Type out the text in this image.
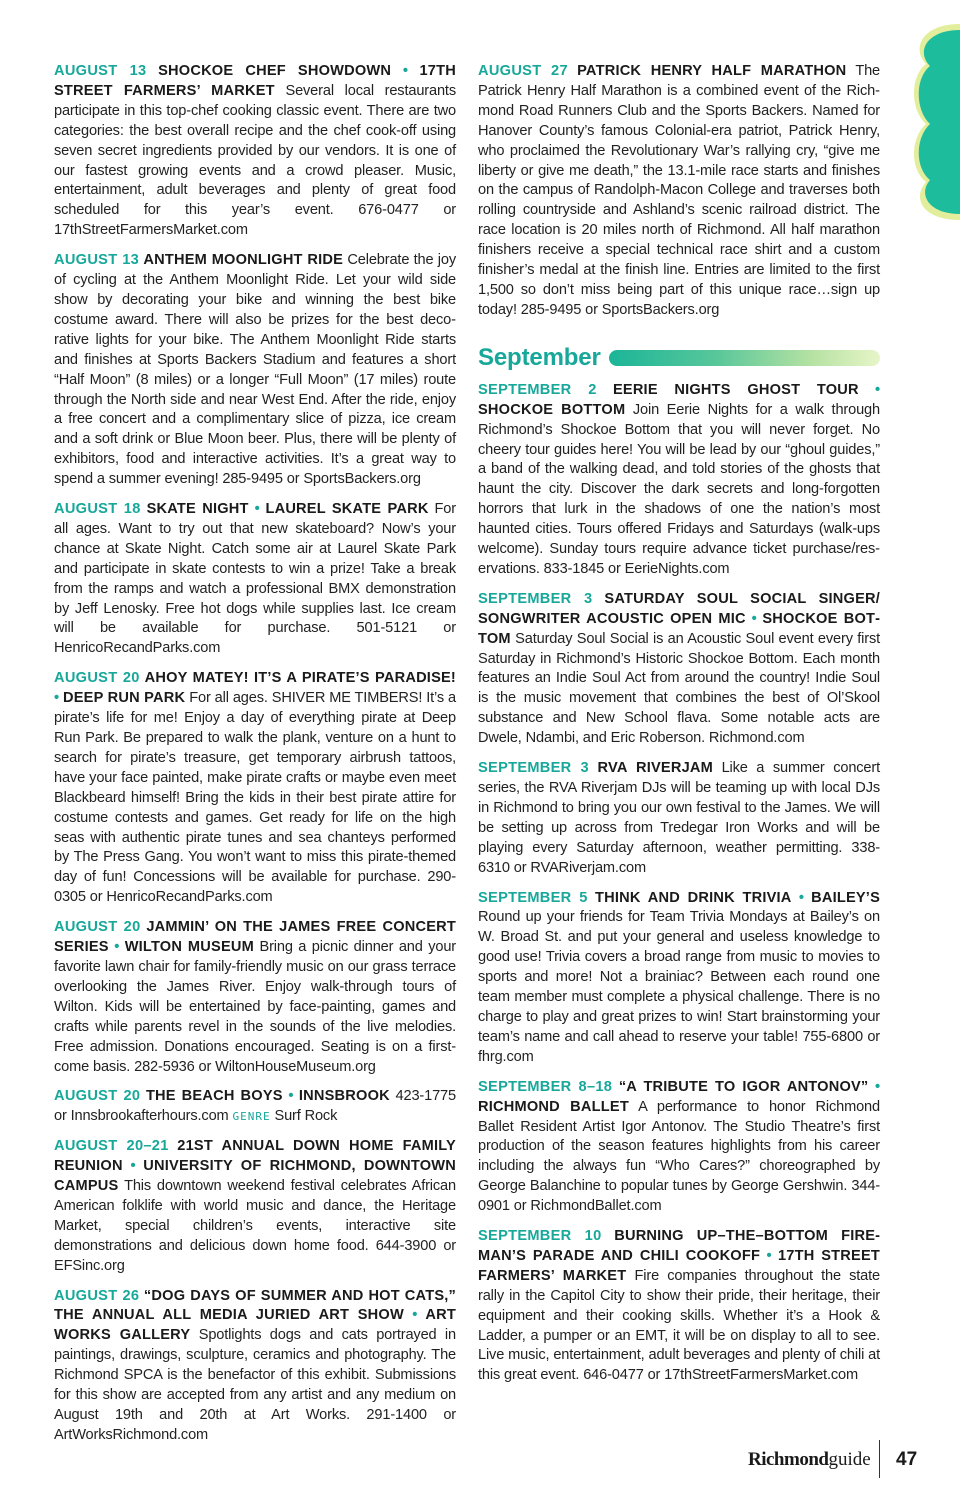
AUGUST 13 SHOCKOE CHEF SHOWDOWN • 17TH STREET FARMERS’ MARKET Several local restaurants participate in this top-chef cooking classic event. There are two categories: the best overall recipe and the chef cook-off using seven secret ingredients provided by our vendors. It is one of our fastest growing events and a crowd pleaser. Music, entertainment, adult beverages and plenty of great food scheduled for this year’s event. 676-0477 or 17thStreetFarmersMarket.com

AUGUST 13 ANTHEM MOONLIGHT RIDE Celebrate the joy of cycling at the Anthem Moonlight Ride. Let your wild side show by decorating your bike and winning the best bike costume award. There will also be prizes for the best decorative lights for your bike. The Anthem Moonlight Ride starts and finishes at Sports Backers Stadium and features a short “Half Moon” (8 miles) or a longer “Full Moon” (17 miles) route through the North side and near West End. After the ride, enjoy a free concert and a complimentary slice of pizza, ice cream and a soft drink or Blue Moon beer. Plus, there will be plenty of exhibitors, food and interactive activities. It’s a great way to spend a summer evening! 285-9495 or SportsBackers.org

AUGUST 18 SKATE NIGHT • LAUREL SKATE PARK For all ages. Want to try out that new skateboard? Now’s your chance at Skate Night. Catch some air at Laurel Skate Park and participate in skate contests to win a prize! Take a break from the ramps and watch a professional BMX demonstration by Jeff Lenosky. Free hot dogs while supplies last. Ice cream will be available for purchase. 501-5121 or HenricoRecandParks.com

AUGUST 20 AHOY MATEY! IT’S A PIRATE’S PARADISE! • DEEP RUN PARK For all ages. SHIVER ME TIMBERS! It’s a pirate’s life for me! Enjoy a day of everything pirate at Deep Run Park. Be prepared to walk the plank, venture on a hunt to search for pirate’s treasure, get temporary airbrush tattoos, have your face painted, make pirate crafts or maybe even meet Blackbeard himself! Bring the kids in their best pirate attire for costume contests and games. Get ready for life on the high seas with authentic pirate tunes and sea chanteys performed by The Press Gang. You won’t want to miss this pirate-themed day of fun! Concessions will be available for purchase. 290-0305 or HenricoRecandParks.com

AUGUST 20 JAMMIN’ ON THE JAMES FREE CONCERT SERIES • WILTON MUSEUM Bring a picnic dinner and your favorite lawn chair for family-friendly music on our grass terrace overlooking the James River. Enjoy walk-through tours of Wilton. Kids will be entertained by face-painting, games and crafts while parents revel in the sounds of the live melodies. Free admission. Donations encouraged. Seating is on a first-come basis. 282-5936 or WiltonHouseMuseum.org

AUGUST 20 THE BEACH BOYS • INNSBROOK 423-1775 or Innsbrookafterhours.com GENRE Surf Rock

AUGUST 20–21 21ST ANNUAL DOWN HOME FAMILY REUNION • UNIVERSITY OF RICHMOND, DOWNTOWN CAMPUS This downtown weekend festival celebrates African American folklife with world music and dance, the Heritage Market, special children’s events, interactive site demonstrations and delicious down home food. 644-3900 or EFSinc.org

AUGUST 26 “DOG DAYS OF SUMMER AND HOT CATS,” THE ANNUAL ALL MEDIA JURIED ART SHOW • ART WORKS GALLERY Spotlights dogs and cats portrayed in paintings, drawings, sculpture, ceramics and photography. The Richmond SPCA is the benefactor of this exhibit. Submissions for this show are accepted from any artist and any medium on August 19th and 20th at Art Works. 291-1400 or ArtWorksRichmond.com

AUGUST 27 PATRICK HENRY HALF MARATHON The Patrick Henry Half Marathon is a combined event of the Richmond Road Runners Club and the Sports Backers. Named for Hanover County’s famous Colonial-era patriot, Patrick Henry, who proclaimed the Revolutionary War’s rallying cry, “give me liberty or give me death,” the 13.1-mile race starts and finishes on the campus of Randolph-Macon College and traverses both rolling countryside and Ashland’s scenic railroad district. The race location is 20 miles north of Richmond. All half marathon finishers receive a special technical race shirt and a custom finisher’s medal at the finish line. Entries are limited to the first 1,500 so don’t miss being part of this unique race…sign up today! 285-9495 or SportsBackers.org

September

SEPTEMBER 2 EERIE NIGHTS GHOST TOUR • SHOCKOE BOTTOM Join Eerie Nights for a walk through Richmond’s Shockoe Bottom that you will never forget. No cheery tour guides here! You will be lead by our “ghoul guides,” a band of the walking dead, and told stories of the ghosts that haunt the city. Discover the dark secrets and long-forgotten horrors that lurk in the shadows of one the nation’s most haunted cities. Tours offered Fridays and Saturdays (walk-ups welcome). Sunday tours require advance ticket purchase/reservations. 833-1845 or EerieNights.com

SEPTEMBER 3 SATURDAY SOUL SOCIAL SINGER/ SONGWRITER ACOUSTIC OPEN MIC • SHOCKOE BOTTOM Saturday Soul Social is an Acoustic Soul event every first Saturday in Richmond’s Historic Shockoe Bottom. Each month features an Indie Soul Act from around the country! Indie Soul is the music movement that combines the best of Ol’Skool substance and New School flava. Some notable acts are Dwele, Ndambi, and Eric Roberson. Richmond.com

SEPTEMBER 3 RVA RIVERJAM Like a summer concert series, the RVA Riverjam DJs will be teaming up with local DJs in Richmond to bring you our own festival to the James. We will be setting up across from Tredegar Iron Works and will be playing every Saturday afternoon, weather permitting. 338-6310 or RVARiverjam.com

SEPTEMBER 5 THINK AND DRINK TRIVIA • BAILEY’S Round up your friends for Team Trivia Mondays at Bailey’s on W. Broad St. and put your general and useless knowledge to good use! Trivia covers a broad range from music to movies to sports and more! Not a brainiac? Between each round one team member must complete a physical challenge. There is no charge to play and great prizes to win! Start brainstorming your team’s name and call ahead to reserve your table! 755-6800 or fhrg.com

SEPTEMBER 8–18 “A TRIBUTE TO IGOR ANTONOV” • RICHMOND BALLET A performance to honor Richmond Ballet Resident Artist Igor Antonov. The Studio Theatre’s first production of the season features highlights from his career including the always fun “Who Cares?” choreographed by George Balanchine to popular tunes by George Gershwin. 344-0901 or RichmondBallet.com

SEPTEMBER 10 BURNING UP–THE–BOTTOM FIREMAN’S PARADE AND CHILI COOKOFF • 17TH STREET FARMERS’ MARKET Fire companies throughout the state rally in the Capitol City to show their pride, their heritage, their equipment and their cooking skills. Whether it’s a Hook & Ladder, a pumper or an EMT, it will be on display to all to see. Live music, entertainment, adult beverages and plenty of chili at this great event. 646-0477 or 17thStreetFarmersMarket.com

Richmondguide 47
